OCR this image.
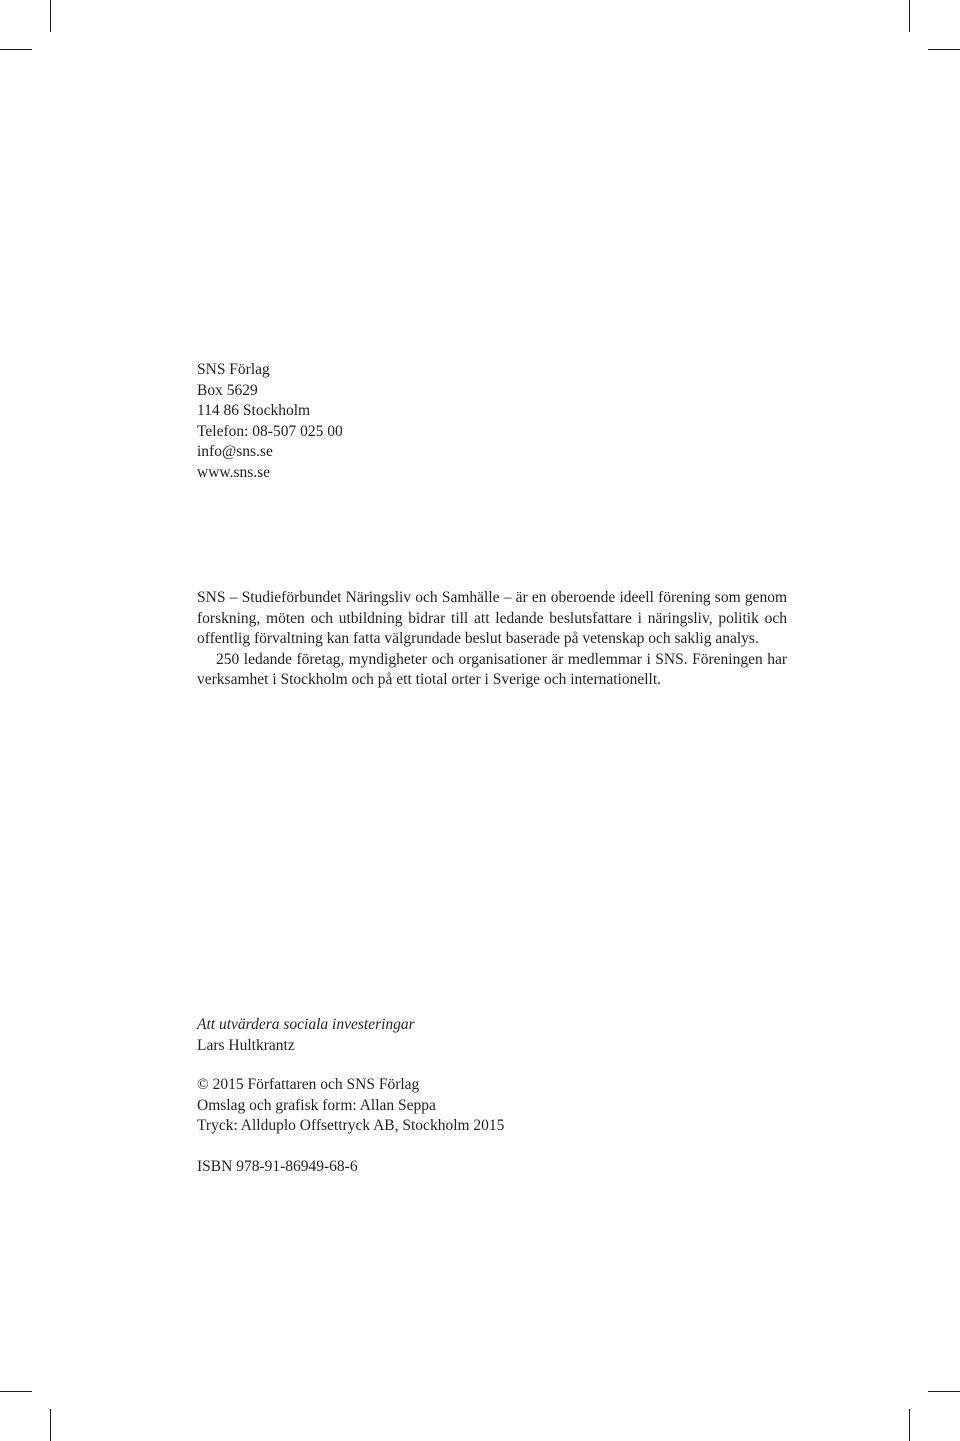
SNS Förlag
Box 5629
114 86 Stockholm
Telefon: 08-507 025 00
info@sns.se
www.sns.se

SNS – Studieförbundet Näringsliv och Samhälle – är en oberoende ideell förening som genom forskning, möten och utbildning bidrar till att ledande beslutsfattare i näringsliv, politik och offentlig förvaltning kan fatta välgrundade beslut baserade på vetenskap och saklig analys.

250 ledande företag, myndigheter och organisationer är medlemmar i SNS. Föreningen har verksamhet i Stockholm och på ett tiotal orter i Sverige och internationellt.

Att utvärdera sociala investeringar
Lars Hultkrantz
© 2015 Författaren och SNS Förlag
Omslag och grafisk form: Allan Seppa
Tryck: Allduplo Offsettryck AB, Stockholm 2015
ISBN 978-91-86949-68-6
